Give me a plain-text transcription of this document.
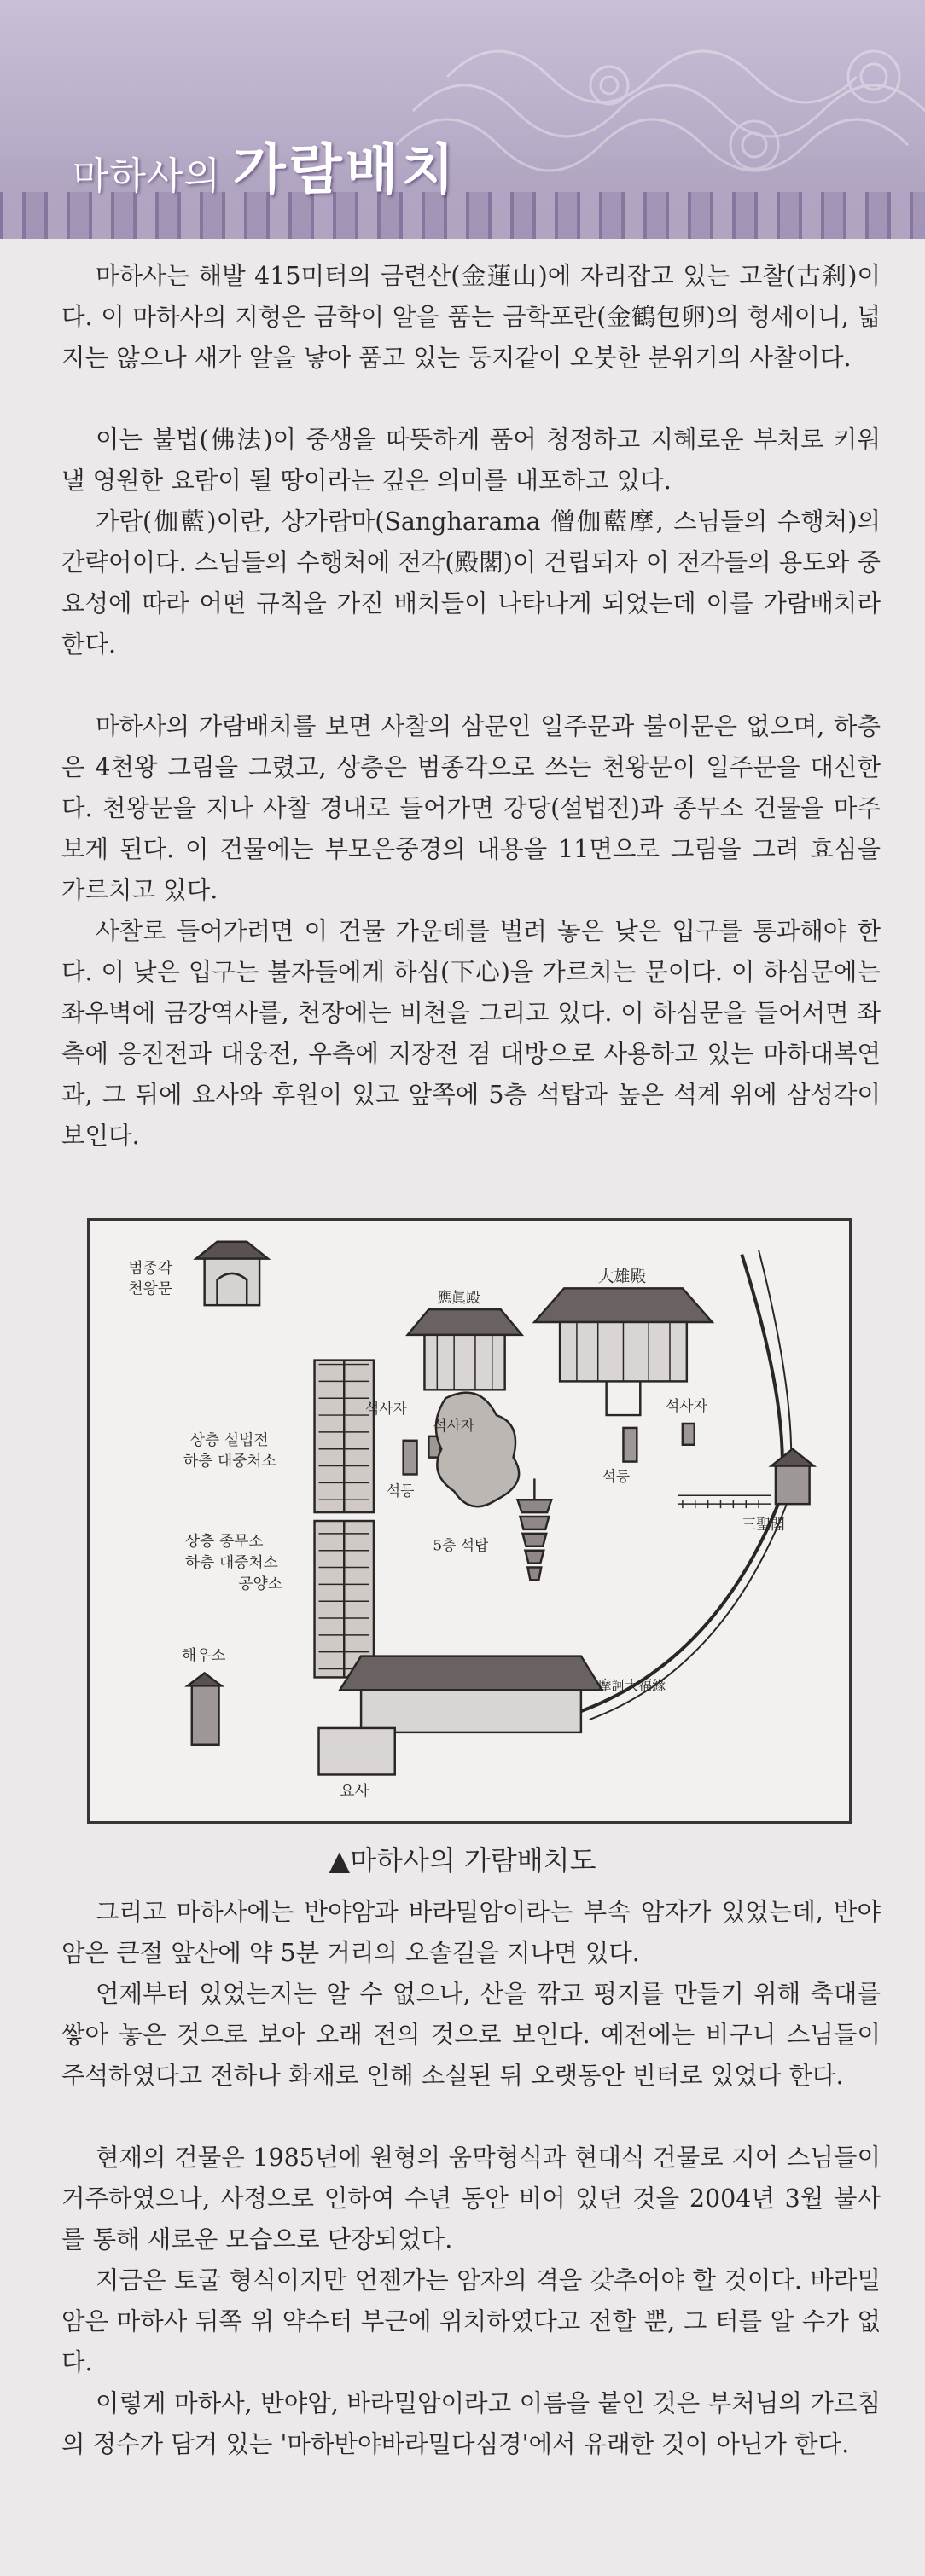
마하사의 가람배치

마하사는 해발 415미터의 금련산(金蓮山)에 자리잡고 있는 고찰(古刹)이다. 이 마하사의 지형은 금학이 알을 품는 금학포란(金鶴包卵)의 형세이니, 넓지는 않으나 새가 알을 낳아 품고 있는 둥지같이 오붓한 분위기의 사찰이다.

이는 불법(佛法)이 중생을 따뜻하게 품어 청정하고 지혜로운 부처로 키워낼 영원한 요람이 될 땅이라는 깊은 의미를 내포하고 있다.

가람(伽藍)이란, 상가람마(Sangharama 僧伽藍摩, 스님들의 수행처)의 간략어이다. 스님들의 수행처에 전각(殿閣)이 건립되자 이 전각들의 용도와 중요성에 따라 어떤 규칙을 가진 배치들이 나타나게 되었는데 이를 가람배치라 한다.

마하사의 가람배치를 보면 사찰의 삼문인 일주문과 불이문은 없으며, 하층은 4천왕 그림을 그렸고, 상층은 범종각으로 쓰는 천왕문이 일주문을 대신한다. 천왕문을 지나 사찰 경내로 들어가면 강당(설법전)과 종무소 건물을 마주보게 된다. 이 건물에는 부모은중경의 내용을 11면으로 그림을 그려 효심을 가르치고 있다.

사찰로 들어가려면 이 건물 가운데를 벌려 놓은 낮은 입구를 통과해야 한다. 이 낮은 입구는 불자들에게 하심(下心)을 가르치는 문이다. 이 하심문에는 좌우벽에 금강역사를, 천장에는 비천을 그리고 있다. 이 하심문을 들어서면 좌측에 응진전과 대웅전, 우측에 지장전 겸 대방으로 사용하고 있는 마하대복연과, 그 뒤에 요사와 후원이 있고 앞쪽에 5층 석탑과 높은 석계 위에 삼성각이 보인다.

범종각
천왕문	應眞殿
大雄殿
석사자
석사자
석사자
석등
석등
5층 석탑
三聖閣
상층 설법전
하층 대중처소
상층 종무소
하층 대중처소
공양소
摩訶大福緣
해우소
요사
▲마하사의 가람배치도

그리고 마하사에는 반야암과 바라밀암이라는 부속 암자가 있었는데, 반야암은 큰절 앞산에 약 5분 거리의 오솔길을 지나면 있다.

언제부터 있었는지는 알 수 없으나, 산을 깎고 평지를 만들기 위해 축대를 쌓아 놓은 것으로 보아 오래 전의 것으로 보인다. 예전에는 비구니 스님들이 주석하였다고 전하나 화재로 인해 소실된 뒤 오랫동안 빈터로 있었다 한다.

현재의 건물은 1985년에 원형의 움막형식과 현대식 건물로 지어 스님들이 거주하였으나, 사정으로 인하여 수년 동안 비어 있던 것을 2004년 3월 불사를 통해 새로운 모습으로 단장되었다.

지금은 토굴 형식이지만 언젠가는 암자의 격을 갖추어야 할 것이다. 바라밀암은 마하사 뒤쪽 위 약수터 부근에 위치하였다고 전할 뿐, 그 터를 알 수가 없다.

이렇게 마하사, 반야암, 바라밀암이라고 이름을 붙인 것은 부처님의 가르침의 정수가 담겨 있는 '마하반야바라밀다심경'에서 유래한 것이 아닌가 한다.
